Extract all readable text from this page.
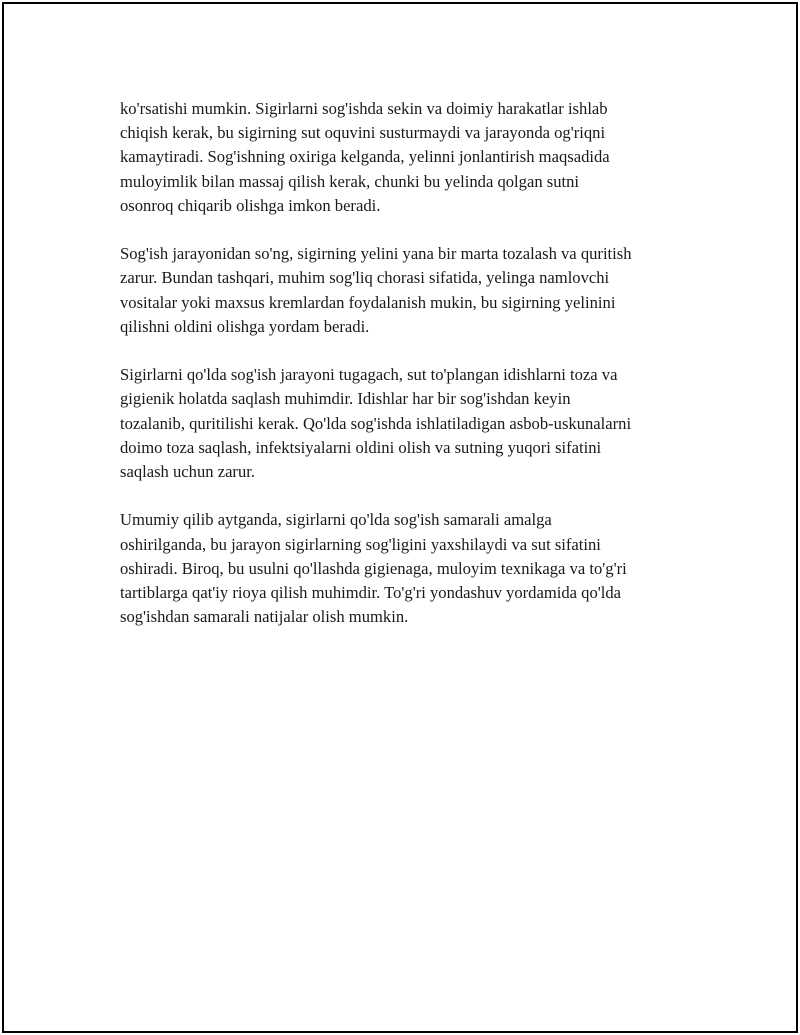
ko'rsatishi mumkin. Sigirlarni sog'ishda sekin va doimiy harakatlar ishlab
chiqish kerak, bu sigirning sut oquvini susturmaydi va jarayonda og'riqni
kamaytiradi. Sog'ishning oxiriga kelganda, yelinni jonlantirish maqsadida
muloyimlik bilan massaj qilish kerak, chunki bu yelinda qolgan sutni
osonroq chiqarib olishga imkon beradi.

Sog'ish jarayonidan so'ng, sigirning yelini yana bir marta tozalash va quritish
zarur. Bundan tashqari, muhim sog'liq chorasi sifatida, yelinga namlovchi
vositalar yoki maxsus kremlardan foydalanish mukin, bu sigirning yelinini
qilishni oldini olishga yordam beradi.

Sigirlarni qo'lda sog'ish jarayoni tugagach, sut to'plangan idishlarni toza va
gigienik holatda saqlash muhimdir. Idishlar har bir sog'ishdan keyin
tozalanib, quritilishi kerak. Qo'lda sog'ishda ishlatiladigan asbob-uskunalarni
doimo toza saqlash, infektsiyalarni oldini olish va sutning yuqori sifatini
saqlash uchun zarur.

Umumiy qilib aytganda, sigirlarni qo'lda sog'ish samarali amalga
oshirilganda, bu jarayon sigirlarning sog'ligini yaxshilaydi va sut sifatini
oshiradi. Biroq, bu usulni qo'llashda gigienaga, muloyim texnikaga va to'g'ri
tartiblarga qat'iy rioya qilish muhimdir. To'g'ri yondashuv yordamida qo'lda
sog'ishdan samarali natijalar olish mumkin.
